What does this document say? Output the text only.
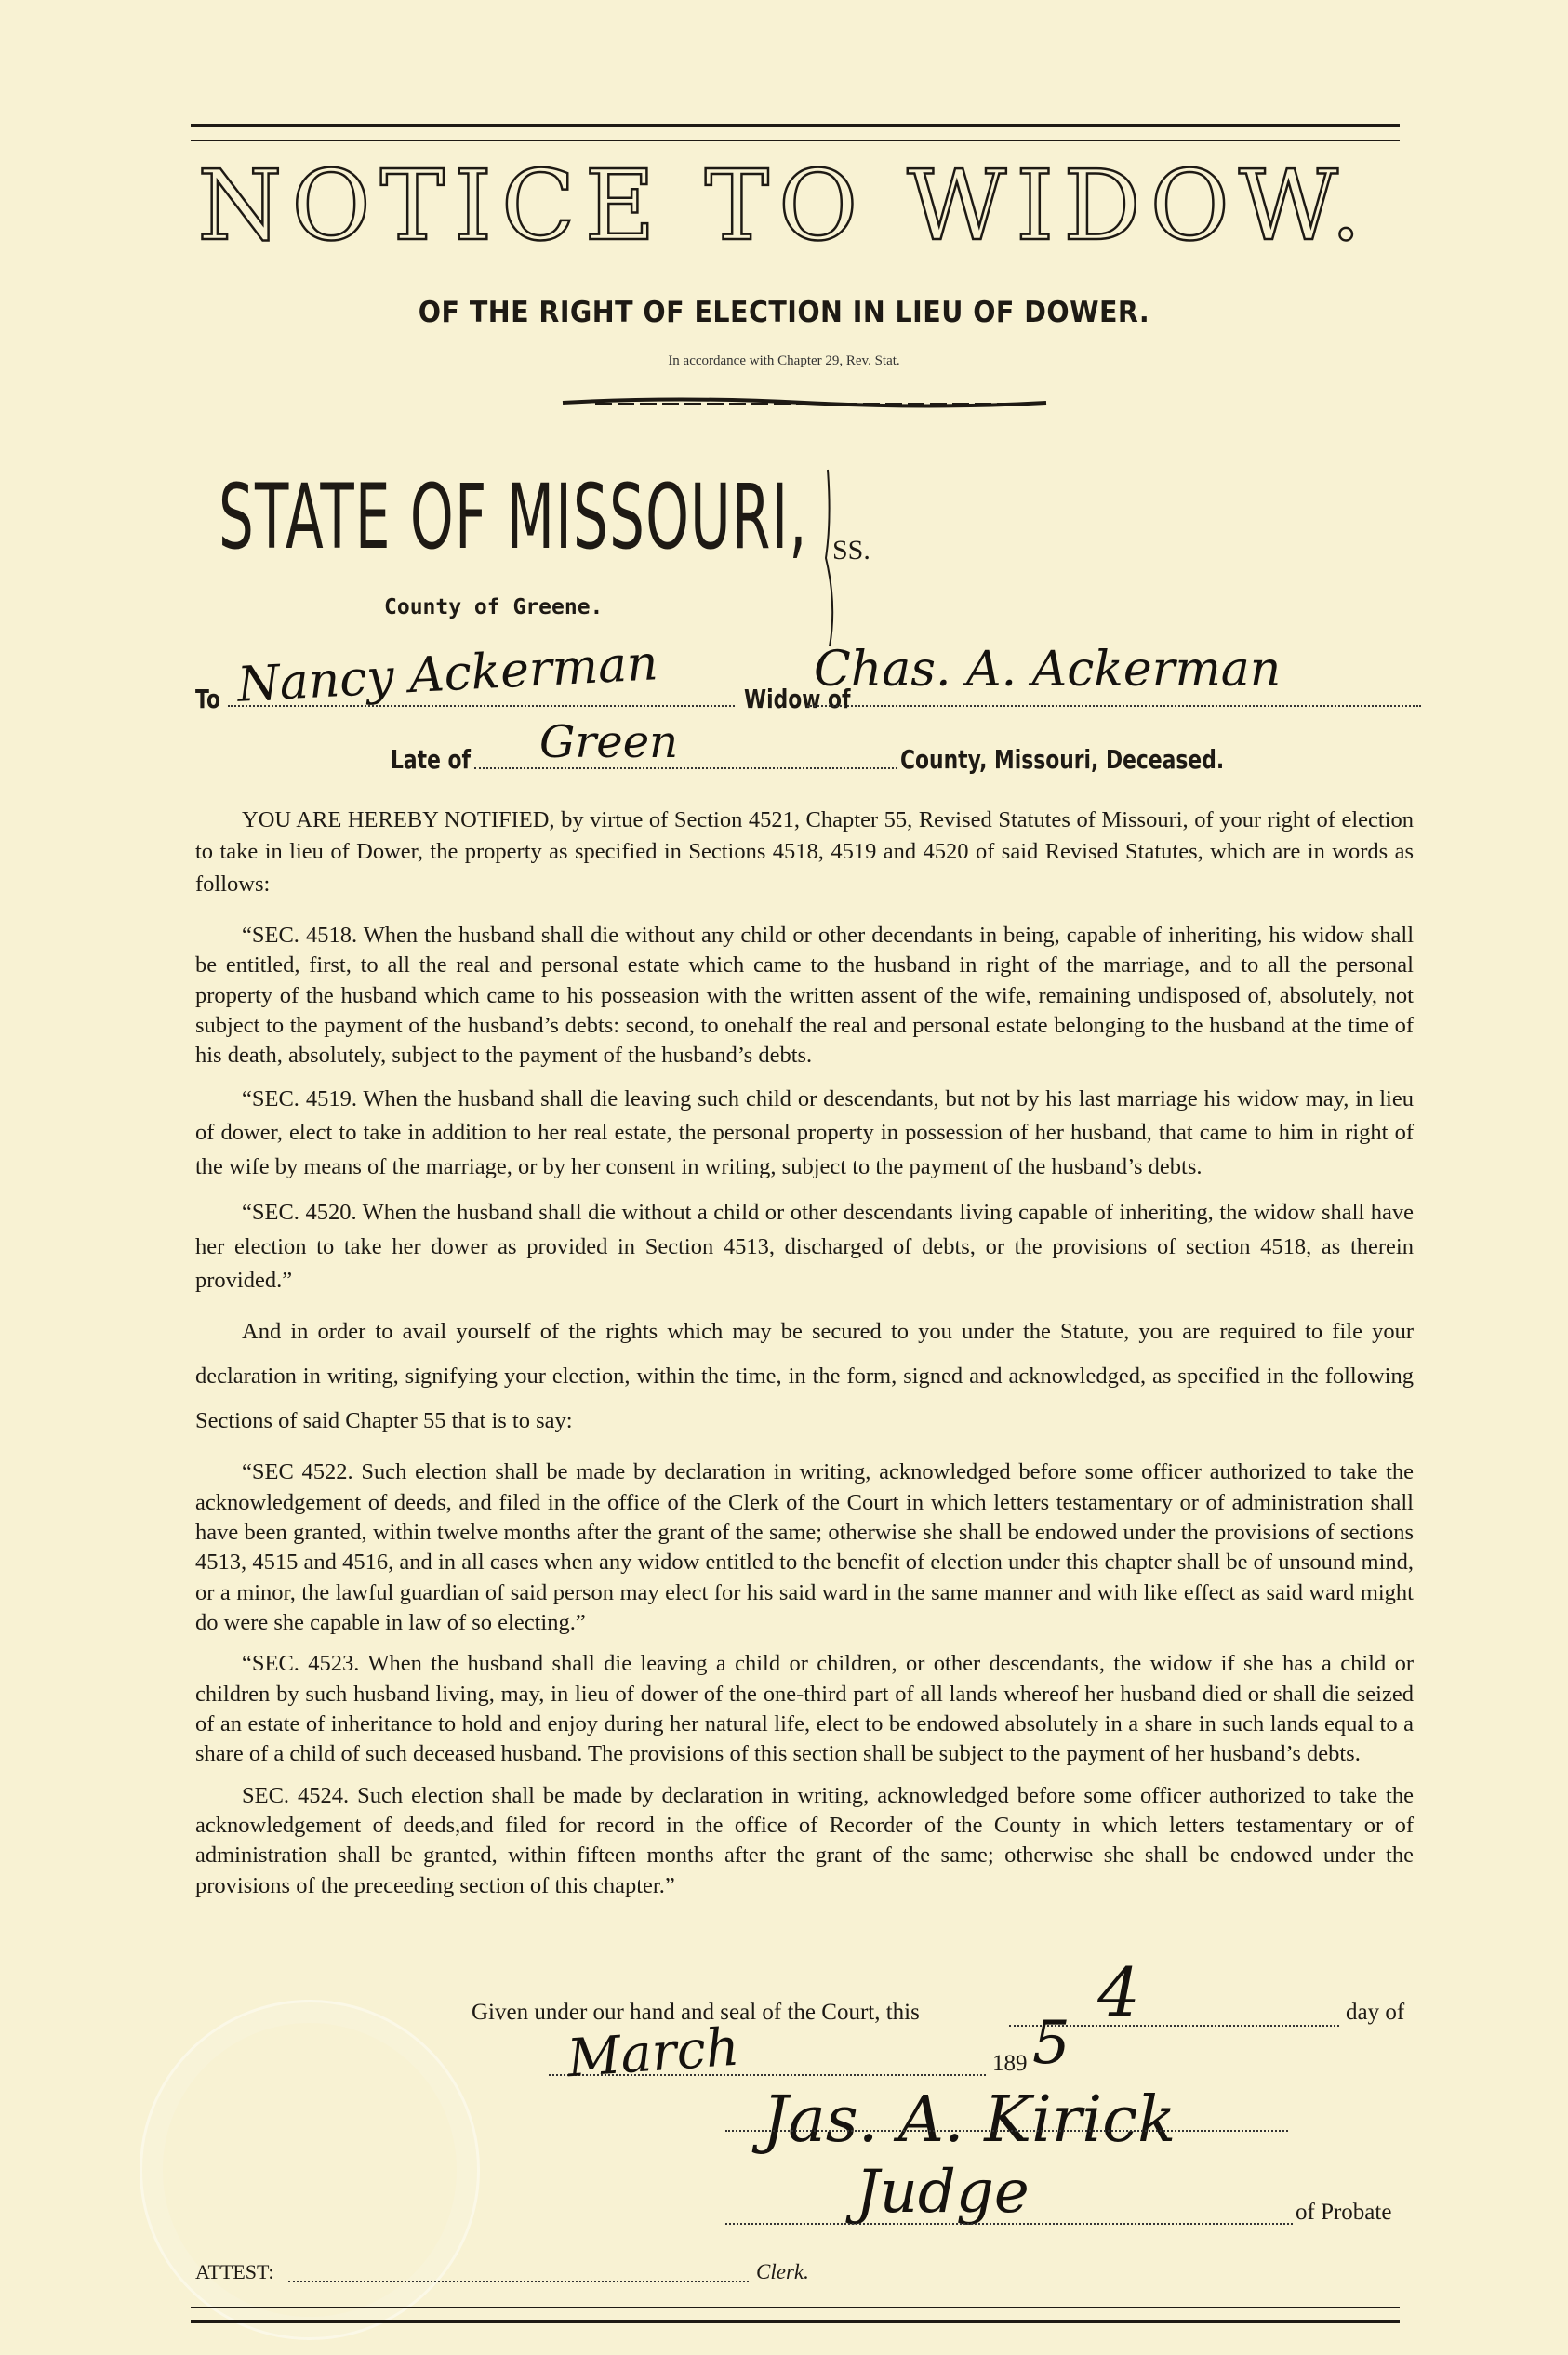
NOTICE TO WIDOW.
OF THE RIGHT OF ELECTION IN LIEU OF DOWER.
In accordance with Chapter 29, Rev. Stat.
STATE OF MISSOURI, SS.
County of Greene.
To Nancy Ackerman	Widow of
Chas. A. Ackerman
Late of Green	County, Missouri, Deceased.

YOU ARE HEREBY NOTIFIED, by virtue of Section 4521, Chapter 55, Revised Statutes of Missouri, of your right of election to take in lieu of Dower, the property as specified in Sections 4518, 4519 and 4520 of said Revised Statutes, which are in words as follows:

“SEC. 4518. When the husband shall die without any child or other decendants in being, capable of inheriting, his widow shall be entitled, first, to all the real and personal estate which came to the husband in right of the marriage, and to all the personal property of the husband which came to his posseasion with the written assent of the wife, remaining undisposed of, absolutely, not subject to the payment of the husband’s debts: second, to onehalf the real and personal estate belonging to the husband at the time of his death, absolutely, subject to the payment of the husband’s debts.

“SEC. 4519. When the husband shall die leaving such child or descendants, but not by his last marriage his widow may, in lieu of dower, elect to take in addition to her real estate, the personal property in possession of her husband, that came to him in right of the wife by means of the marriage, or by her consent in writing, subject to the payment of the husband’s debts.

“SEC. 4520. When the husband shall die without a child or other descendants living capable of inheriting, the widow shall have her election to take her dower as provided in Section 4513, discharged of debts, or the provisions of section 4518, as therein provided.”

And in order to avail yourself of the rights which may be secured to you under the Statute, you are required to file your declaration in writing, signifying your election, within the time, in the form, signed and acknowledged, as specified in the following Sections of said Chapter 55 that is to say:

“SEC 4522. Such election shall be made by declaration in writing, acknowledged before some officer authorized to take the acknowledgement of deeds, and filed in the office of the Clerk of the Court in which letters testamentary or of administration shall have been granted, within twelve months after the grant of the same; otherwise she shall be endowed under the provisions of sections 4513, 4515 and 4516, and in all cases when any widow entitled to the benefit of election under this chapter shall be of unsound mind, or a minor, the lawful guardian of said person may elect for his said ward in the same manner and with like effect as said ward might do were she capable in law of so electing.”

“SEC. 4523. When the husband shall die leaving a child or children, or other descendants, the widow if she has a child or children by such husband living, may, in lieu of dower of the one-third part of all lands whereof her husband died or shall die seized of an estate of inheritance to hold and enjoy during her natural life, elect to be endowed absolutely in a share in such lands equal to a share of a child of such deceased husband. The provisions of this section shall be subject to the payment of her husband’s debts.

SEC. 4524. Such election shall be made by declaration in writing, acknowledged before some officer authorized to take the acknowledgement of deeds,and filed for record in the office of Recorder of the County in which letters testamentary or of administration shall be granted, within fifteen months after the grant of the same; otherwise she shall be endowed under the provisions of the preceeding section of this chapter.”

Given under our hand and seal of the Court, this	4	day of
March	189 5
Jas. A. Kirick
Judge	of Probate
ATTEST:	Clerk.
